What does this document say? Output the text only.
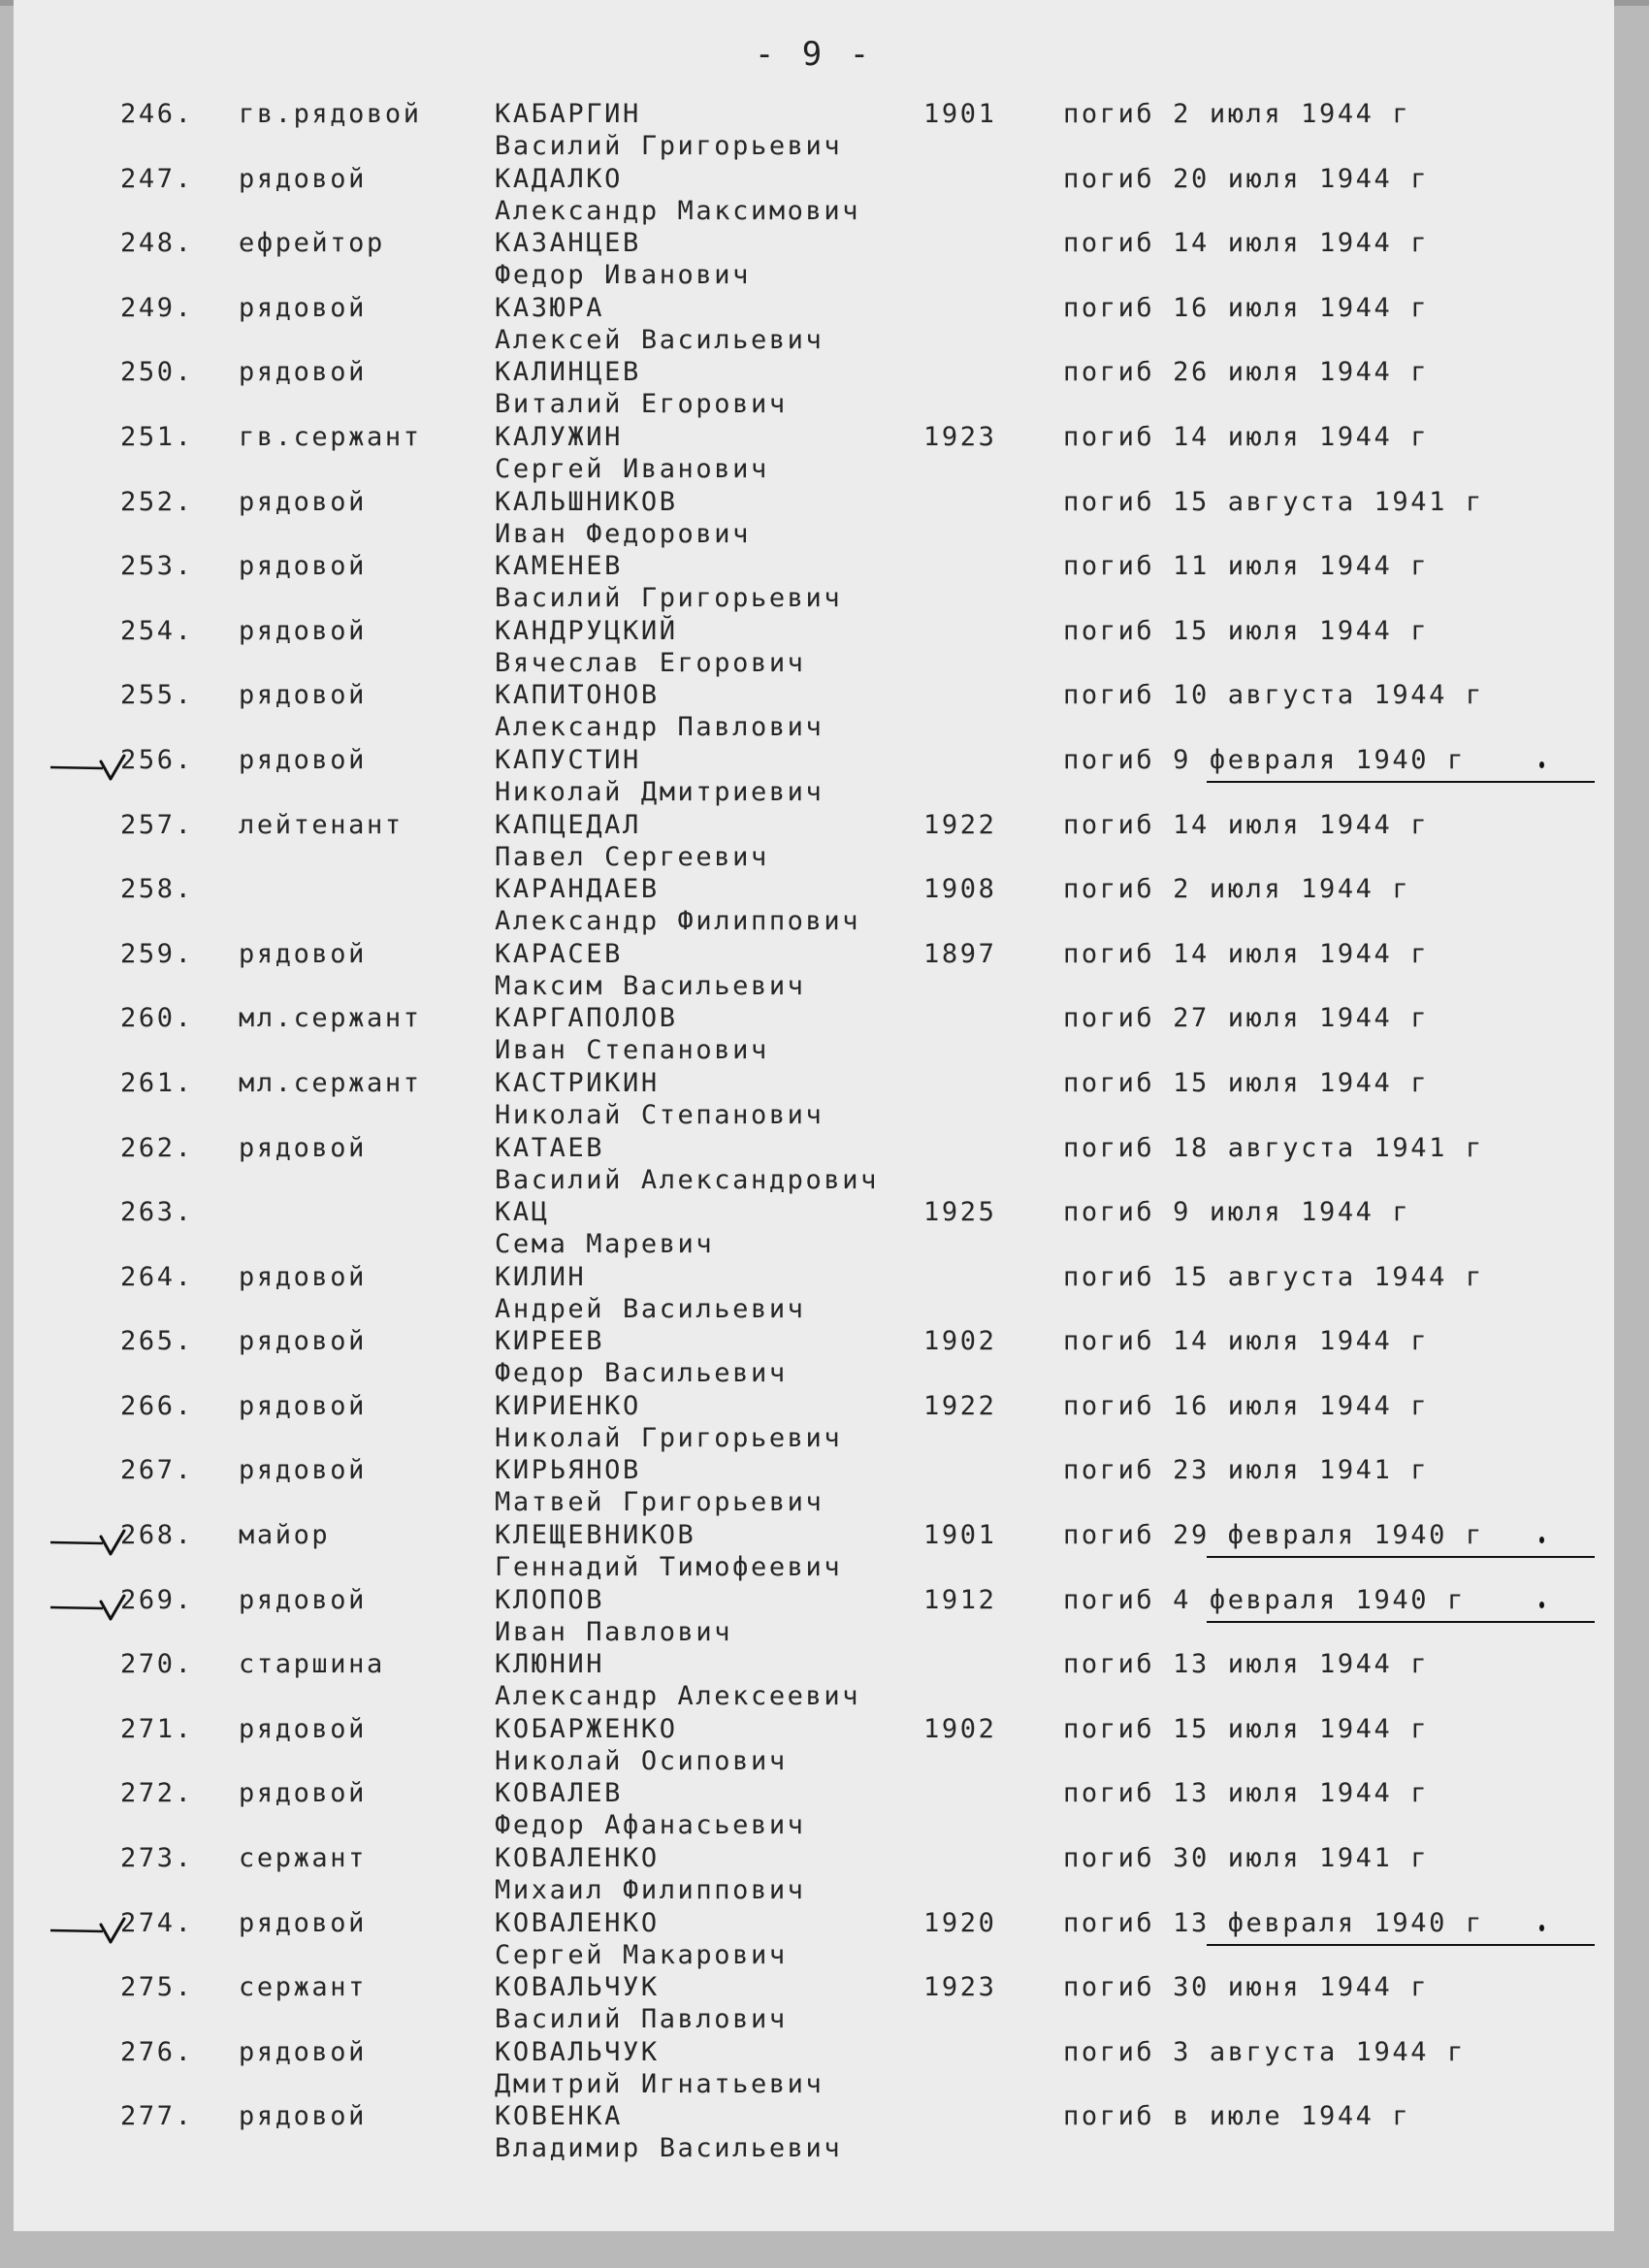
- 9 -
246. гв.рядовой	КАБАРГИН	1901	погиб 2 июля 1944 г
Василий Григорьевич
247. рядовой	КАДАЛКО	погиб 20 июля 1944 г
Александр Максимович
248. ефрейтор	КАЗАНЦЕВ	погиб 14 июля 1944 г
Федор Иванович
249. рядовой	КАЗЮРА	погиб 16 июля 1944 г
Алексей Васильевич
250. рядовой	КАЛИНЦЕВ	погиб 26 июля 1944 г
Виталий Егорович
251. гв.сержант	КАЛУЖИН	1923	погиб 14 июля 1944 г
Сергей Иванович
252. рядовой	КАЛЬШНИКОВ	погиб 15 августа 1941 г
Иван Федорович
253. рядовой	КАМЕНЕВ	погиб 11 июля 1944 г
Василий Григорьевич
254. рядовой	КАНДРУЦКИЙ	погиб 15 июля 1944 г
Вячеслав Егорович
255. рядовой	КАПИТОНОВ	погиб 10 августа 1944 г
Александр Павлович
256. рядовой	КАПУСТИН	погиб 9 февраля 1940 г
Николай Дмитриевич
257. лейтенант	КАПЦЕДАЛ	1922	погиб 14 июля 1944 г
Павел Сергеевич
258.	КАРАНДАЕВ	1908	погиб 2 июля 1944 г
Александр Филиппович
259. рядовой	КАРАСЕВ	1897	погиб 14 июля 1944 г
Максим Васильевич
260. мл.сержант	КАРГАПОЛОВ	погиб 27 июля 1944 г
Иван Степанович
261. мл.сержант	КАСТРИКИН	погиб 15 июля 1944 г
Николай Степанович
262. рядовой	КАТАЕВ	погиб 18 августа 1941 г
Василий Александрович
263.	КАЦ	1925	погиб 9 июля 1944 г
Сема Маревич
264. рядовой	КИЛИН	погиб 15 августа 1944 г
Андрей Васильевич
265. рядовой	КИРЕЕВ	1902	погиб 14 июля 1944 г
Федор Васильевич
266. рядовой	КИРИЕНКО	1922	погиб 16 июля 1944 г
Николай Григорьевич
267. рядовой	КИРЬЯНОВ	погиб 23 июля 1941 г
Матвей Григорьевич
268. майор	КЛЕЩЕВНИКОВ	1901	погиб 29 февраля 1940 г
Геннадий Тимофеевич
269. рядовой	КЛОПОВ	1912	погиб 4 февраля 1940 г
Иван Павлович
270. старшина	КЛЮНИН	погиб 13 июля 1944 г
Александр Алексеевич
271. рядовой	КОБАРЖЕНКО	1902	погиб 15 июля 1944 г
Николай Осипович
272. рядовой	КОВАЛЕВ	погиб 13 июля 1944 г
Федор Афанасьевич
273. сержант	КОВАЛЕНКО	погиб 30 июля 1941 г
Михаил Филиппович
274. рядовой	КОВАЛЕНКО	1920	погиб 13 февраля 1940 г
Сергей Макарович
275. сержант	КОВАЛЬЧУК	1923	погиб 30 июня 1944 г
Василий Павлович
276. рядовой	КОВАЛЬЧУК	погиб 3 августа 1944 г
Дмитрий Игнатьевич
277. рядовой	КОВЕНКА	погиб в июле 1944 г
Владимир Васильевич
